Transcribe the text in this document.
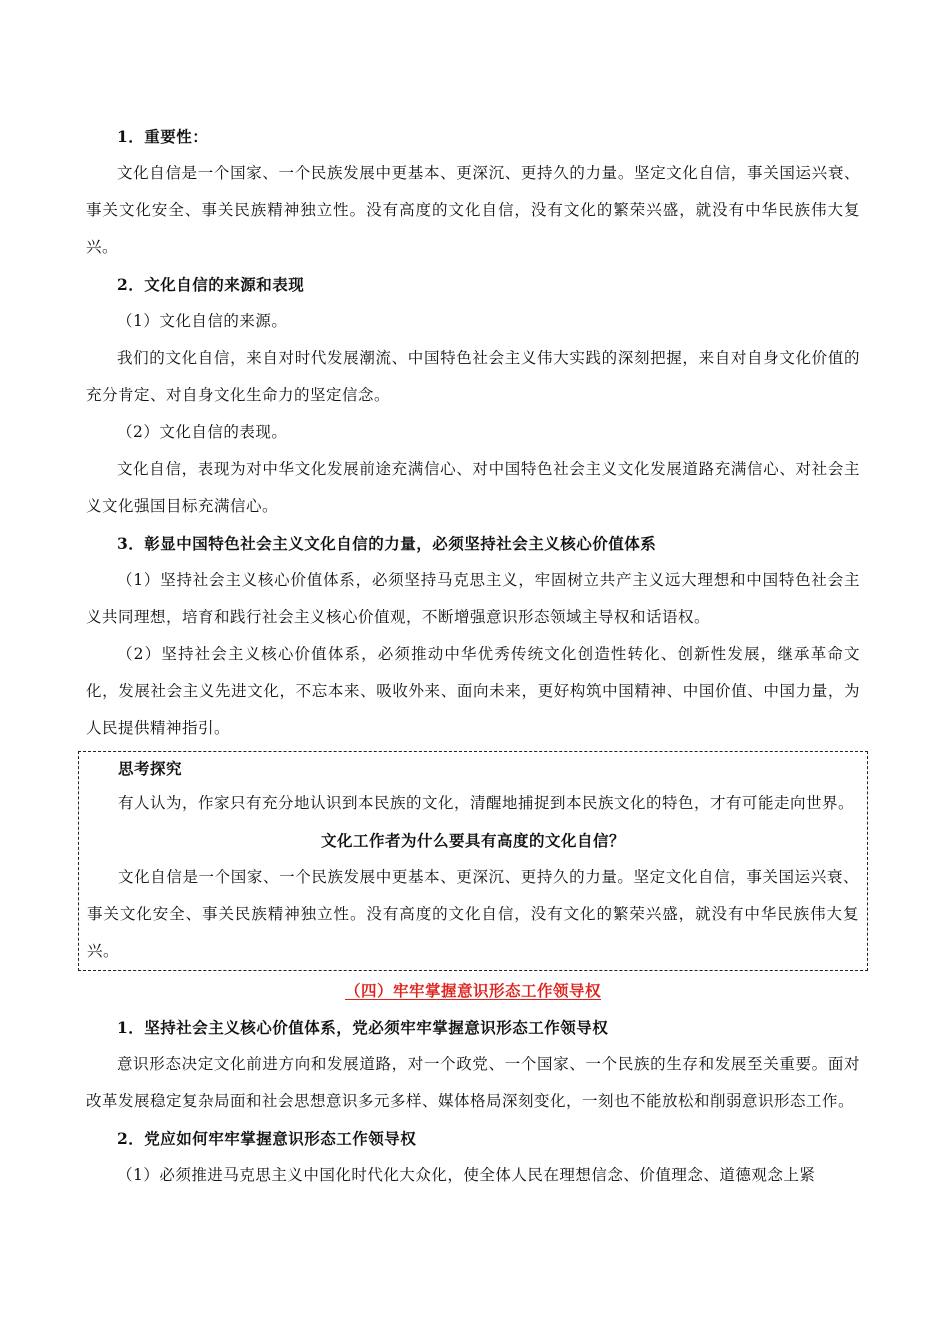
1．重要性：

文化自信是一个国家、一个民族发展中更基本、更深沉、更持久的力量。坚定文化自信，事关国运兴衰、事关文化安全、事关民族精神独立性。没有高度的文化自信，没有文化的繁荣兴盛，就没有中华民族伟大复兴。

2．文化自信的来源和表现

（1）文化自信的来源。

我们的文化自信，来自对时代发展潮流、中国特色社会主义伟大实践的深刻把握，来自对自身文化价值的充分肯定、对自身文化生命力的坚定信念。

（2）文化自信的表现。

文化自信，表现为对中华文化发展前途充满信心、对中国特色社会主义文化发展道路充满信心、对社会主义文化强国目标充满信心。

3．彰显中国特色社会主义文化自信的力量，必须坚持社会主义核心价值体系

（1）坚持社会主义核心价值体系，必须坚持马克思主义，牢固树立共产主义远大理想和中国特色社会主义共同理想，培育和践行社会主义核心价值观，不断增强意识形态领域主导权和话语权。

（2）坚持社会主义核心价值体系，必须推动中华优秀传统文化创造性转化、创新性发展，继承革命文化，发展社会主义先进文化，不忘本来、吸收外来、面向未来，更好构筑中国精神、中国价值、中国力量，为人民提供精神指引。

思考探究

有人认为，作家只有充分地认识到本民族的文化，清醒地捕捉到本民族文化的特色，才有可能走向世界。

文化工作者为什么要具有高度的文化自信？

文化自信是一个国家、一个民族发展中更基本、更深沉、更持久的力量。坚定文化自信，事关国运兴衰、事关文化安全、事关民族精神独立性。没有高度的文化自信，没有文化的繁荣兴盛，就没有中华民族伟大复兴。

（四）牢牢掌握意识形态工作领导权

1．坚持社会主义核心价值体系，党必须牢牢掌握意识形态工作领导权

意识形态决定文化前进方向和发展道路，对一个政党、一个国家、一个民族的生存和发展至关重要。面对改革发展稳定复杂局面和社会思想意识多元多样、媒体格局深刻变化，一刻也不能放松和削弱意识形态工作。

2．党应如何牢牢掌握意识形态工作领导权

（1）必须推进马克思主义中国化时代化大众化，使全体人民在理想信念、价值理念、道德观念上紧
